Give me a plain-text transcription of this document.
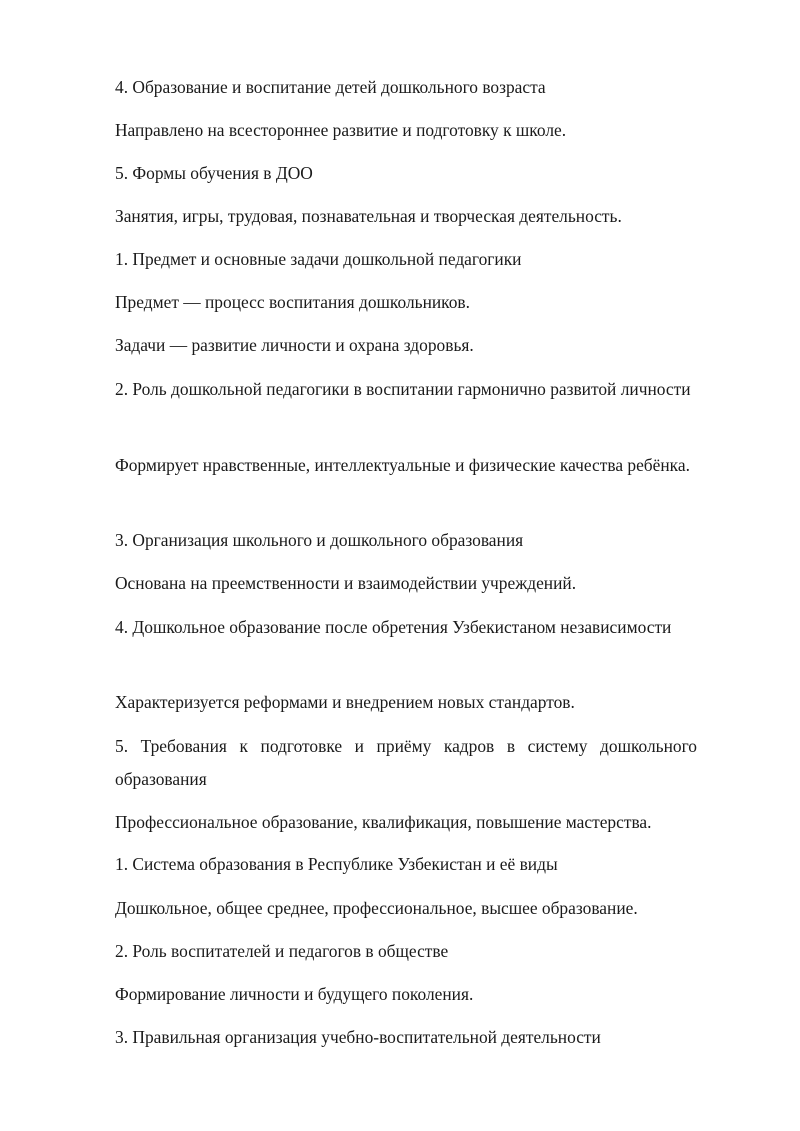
4. Образование и воспитание детей дошкольного возраста

Направлено на всестороннее развитие и подготовку к школе.

5. Формы обучения в ДОО

Занятия, игры, трудовая, познавательная и творческая деятельность.

1. Предмет и основные задачи дошкольной педагогики

Предмет — процесс воспитания дошкольников.

Задачи — развитие личности и охрана здоровья.

2. Роль дошкольной педагогики в воспитании гармонично развитой личности

Формирует нравственные, интеллектуальные и физические качества ребёнка.

3. Организация школьного и дошкольного образования

Основана на преемственности и взаимодействии учреждений.

4. Дошкольное образование после обретения Узбекистаном независимости

Характеризуется реформами и внедрением новых стандартов.

5. Требования к подготовке и приёму кадров в систему дошкольного образования

Профессиональное образование, квалификация, повышение мастерства.

1. Система образования в Республике Узбекистан и её виды

Дошкольное, общее среднее, профессиональное, высшее образование.

2. Роль воспитателей и педагогов в обществе

Формирование личности и будущего поколения.

3. Правильная организация учебно-воспитательной деятельности
